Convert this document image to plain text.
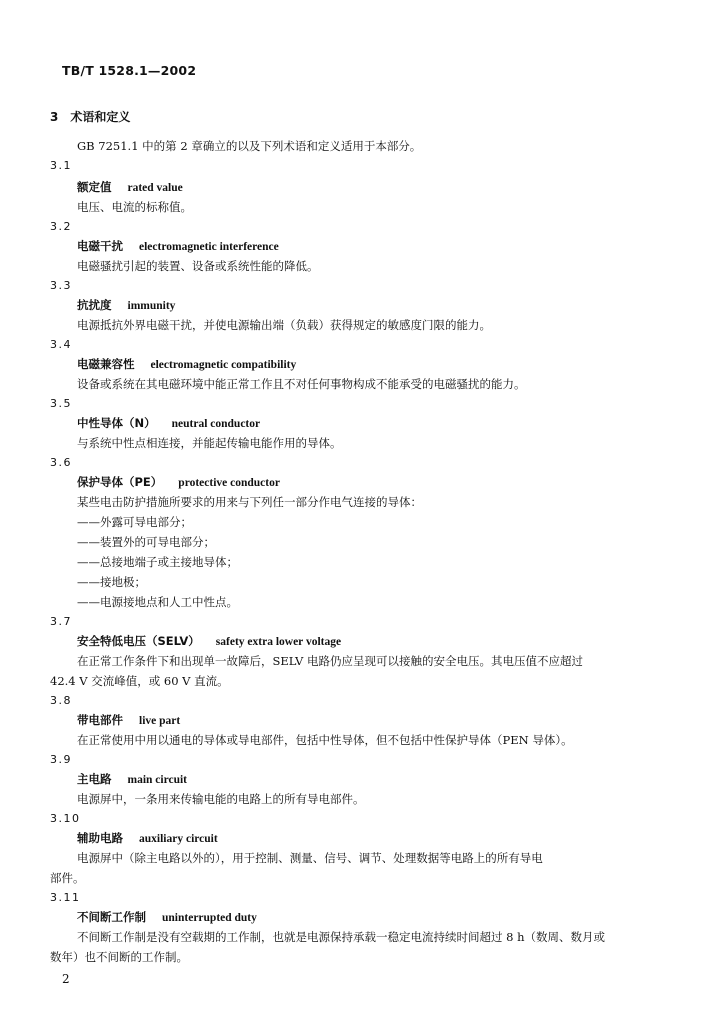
TB/T 1528.1—2002
3 术语和定义
GB 7251.1 中的第 2 章确立的以及下列术语和定义适用于本部分。
3.1
额定值 rated value
电压、电流的标称值。
3.2
电磁干扰 electromagnetic interference
电磁骚扰引起的装置、设备或系统性能的降低。
3.3
抗扰度 immunity
电源抵抗外界电磁干扰，并使电源输出端（负载）获得规定的敏感度门限的能力。
3.4
电磁兼容性 electromagnetic compatibility
设备或系统在其电磁环境中能正常工作且不对任何事物构成不能承受的电磁骚扰的能力。
3.5
中性导体（N） neutral conductor
与系统中性点相连接，并能起传输电能作用的导体。
3.6
保护导体（PE） protective conductor
某些电击防护措施所要求的用来与下列任一部分作电气连接的导体：
——外露可导电部分；
——装置外的可导电部分；
——总接地端子或主接地导体；
——接地极；
——电源接地点和人工中性点。
3.7
安全特低电压（SELV） safety extra lower voltage
在正常工作条件下和出现单一故障后，SELV 电路仍应呈现可以接触的安全电压。其电压值不应超过
42.4 V 交流峰值，或 60 V 直流。
3.8
带电部件 live part
在正常使用中用以通电的导体或导电部件，包括中性导体，但不包括中性保护导体（PEN 导体）。
3.9
主电路 main circuit
电源屏中，一条用来传输电能的电路上的所有导电部件。
3.10
辅助电路 auxiliary circuit
电源屏中（除主电路以外的），用于控制、测量、信号、调节、处理数据等电路上的所有导电
部件。
3.11
不间断工作制 uninterrupted duty
不间断工作制是没有空载期的工作制，也就是电源保持承载一稳定电流持续时间超过 8 h（数周、数月或
数年）也不间断的工作制。
2
